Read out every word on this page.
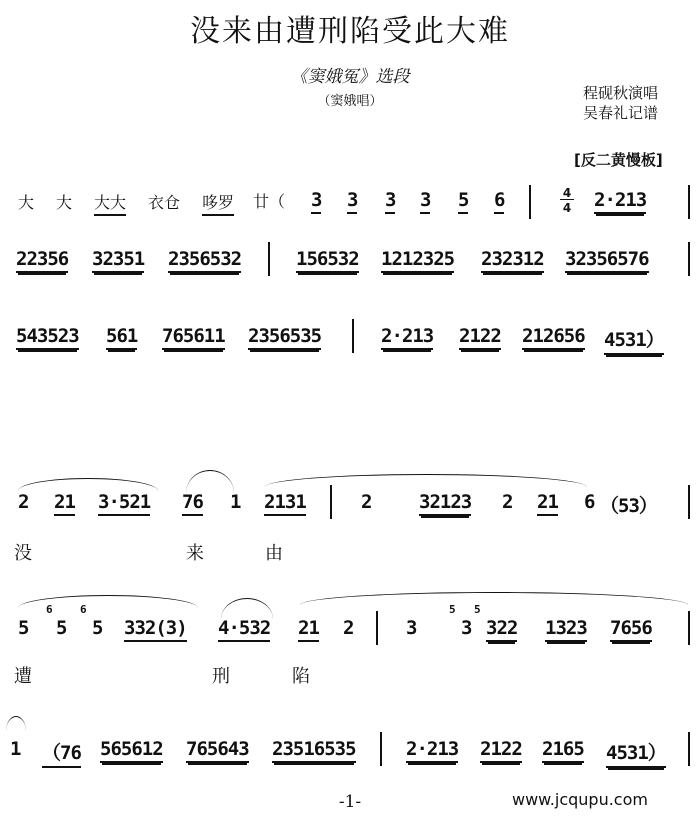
没来由遭刑陷受此大难
《窦娥冤》选段
（窦娥唱）	程砚秋演唱
吴春礼记谱
[反二黄慢板]
大 大 大大 衣仓 哆罗 廿（ 3 3 3 3 5 6	4
4 2·213
22356 32351 2356532	156532 1212325 232312 32356576
543523 561 765611 2356535	2·213 2122 212656 4531）
2 21 3·521 76 1 2131	2	32123 2 21 6 （53）
没	来	由
5
6
5
6
5 332(3) 4·532 21 2	3
5
3
5
322 1323 7656
遭	刑	陷
1 （76 565612 765643 23516535	2·213 2122 2165 4531）
-1-	www.jcqupu.com
